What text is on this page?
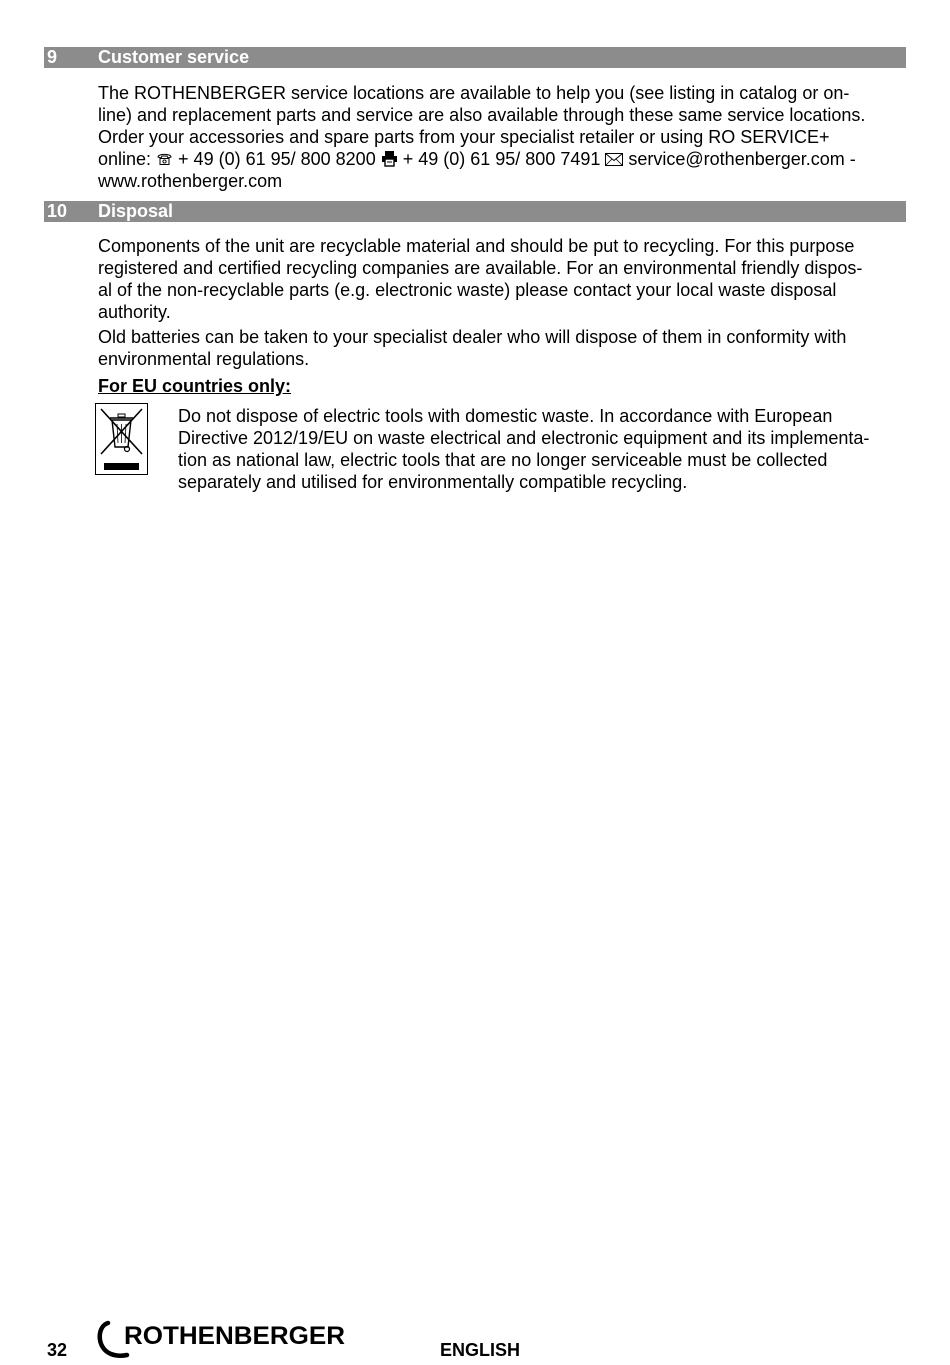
9 Customer service
The ROTHENBERGER service locations are available to help you (see listing in catalog or on-
line) and replacement parts and service are also available through these same service locations.
Order your accessories and spare parts from your specialist retailer or using RO SERVICE+
online:  + 49 (0) 61 95/ 800 8200  + 49 (0) 61 95/ 800 7491  service@rothenberger.com -
www.rothenberger.com
10 Disposal
Components of the unit are recyclable material and should be put to recycling. For this purpose
registered and certified recycling companies are available. For an environmental friendly dispos-
al of the non-recyclable parts (e.g. electronic waste) please contact your local waste disposal
authority.
Old batteries can be taken to your specialist dealer who will dispose of them in conformity with
environmental regulations.
For EU countries only:
Do not dispose of electric tools with domestic waste. In accordance with European
Directive 2012/19/EU on waste electrical and electronic equipment and its implementa-
tion as national law, electric tools that are no longer serviceable must be collected
separately and utilised for environmentally compatible recycling.
32 ROTHENBERGER	ENGLISH
